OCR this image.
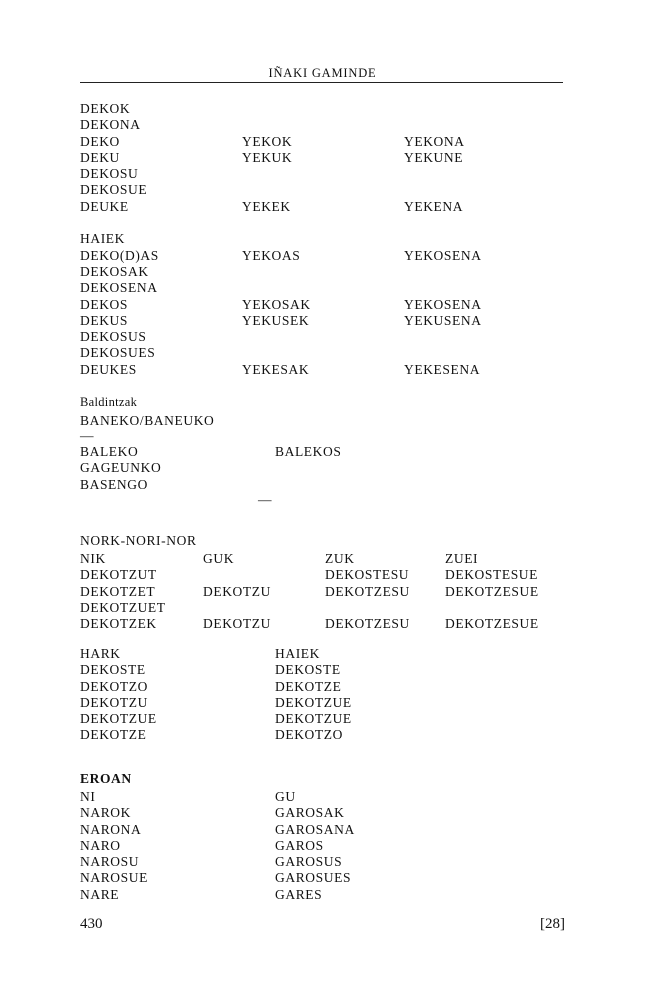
IÑAKI GAMINDE
DEKOK
DEKONA
DEKO
DEKU
DEKOSU
DEKOSUE
DEUKE

HAIEK
DEKO(D)AS
DEKOSAK
DEKOSENA
DEKOS
DEKUS
DEKOSUS
DEKOSUES
DEUKES

YEKOK
YEKUK

YEKEK

YEKOAS

YEKOSAK
YEKUSEK

YEKESAK

YEKONA
YEKUNE

YEKENA

YEKOSENA

YEKOSENA
YEKUSENA

YEKESENA
Baldintzak
BANEKO/BANEUKO
—
BALEKO
GAGEUNKO
BASENGO
BALEKOS
—
NORK-NORI-NOR
NIK
DEKOTZUT
DEKOTZET
DEKOTZUET
DEKOTZEK
GUK

DEKOTZU

DEKOTZU
ZUK
DEKOSTESU
DEKOTZESU

DEKOTZESU
ZUEI
DEKOSTESUE
DEKOTZESUE

DEKOTZESUE
HARK
DEKOSTE
DEKOTZO
DEKOTZU
DEKOTZUE
DEKOTZE
HAIEK
DEKOSTE
DEKOTZE
DEKOTZUE
DEKOTZUE
DEKOTZO
EROAN
NI
NAROK
NARONA
NARO
NAROSU
NAROSUE
NARE
GU
GAROSAK
GAROSANA
GAROS
GAROSUS
GAROSUES
GARES
430	[28]
